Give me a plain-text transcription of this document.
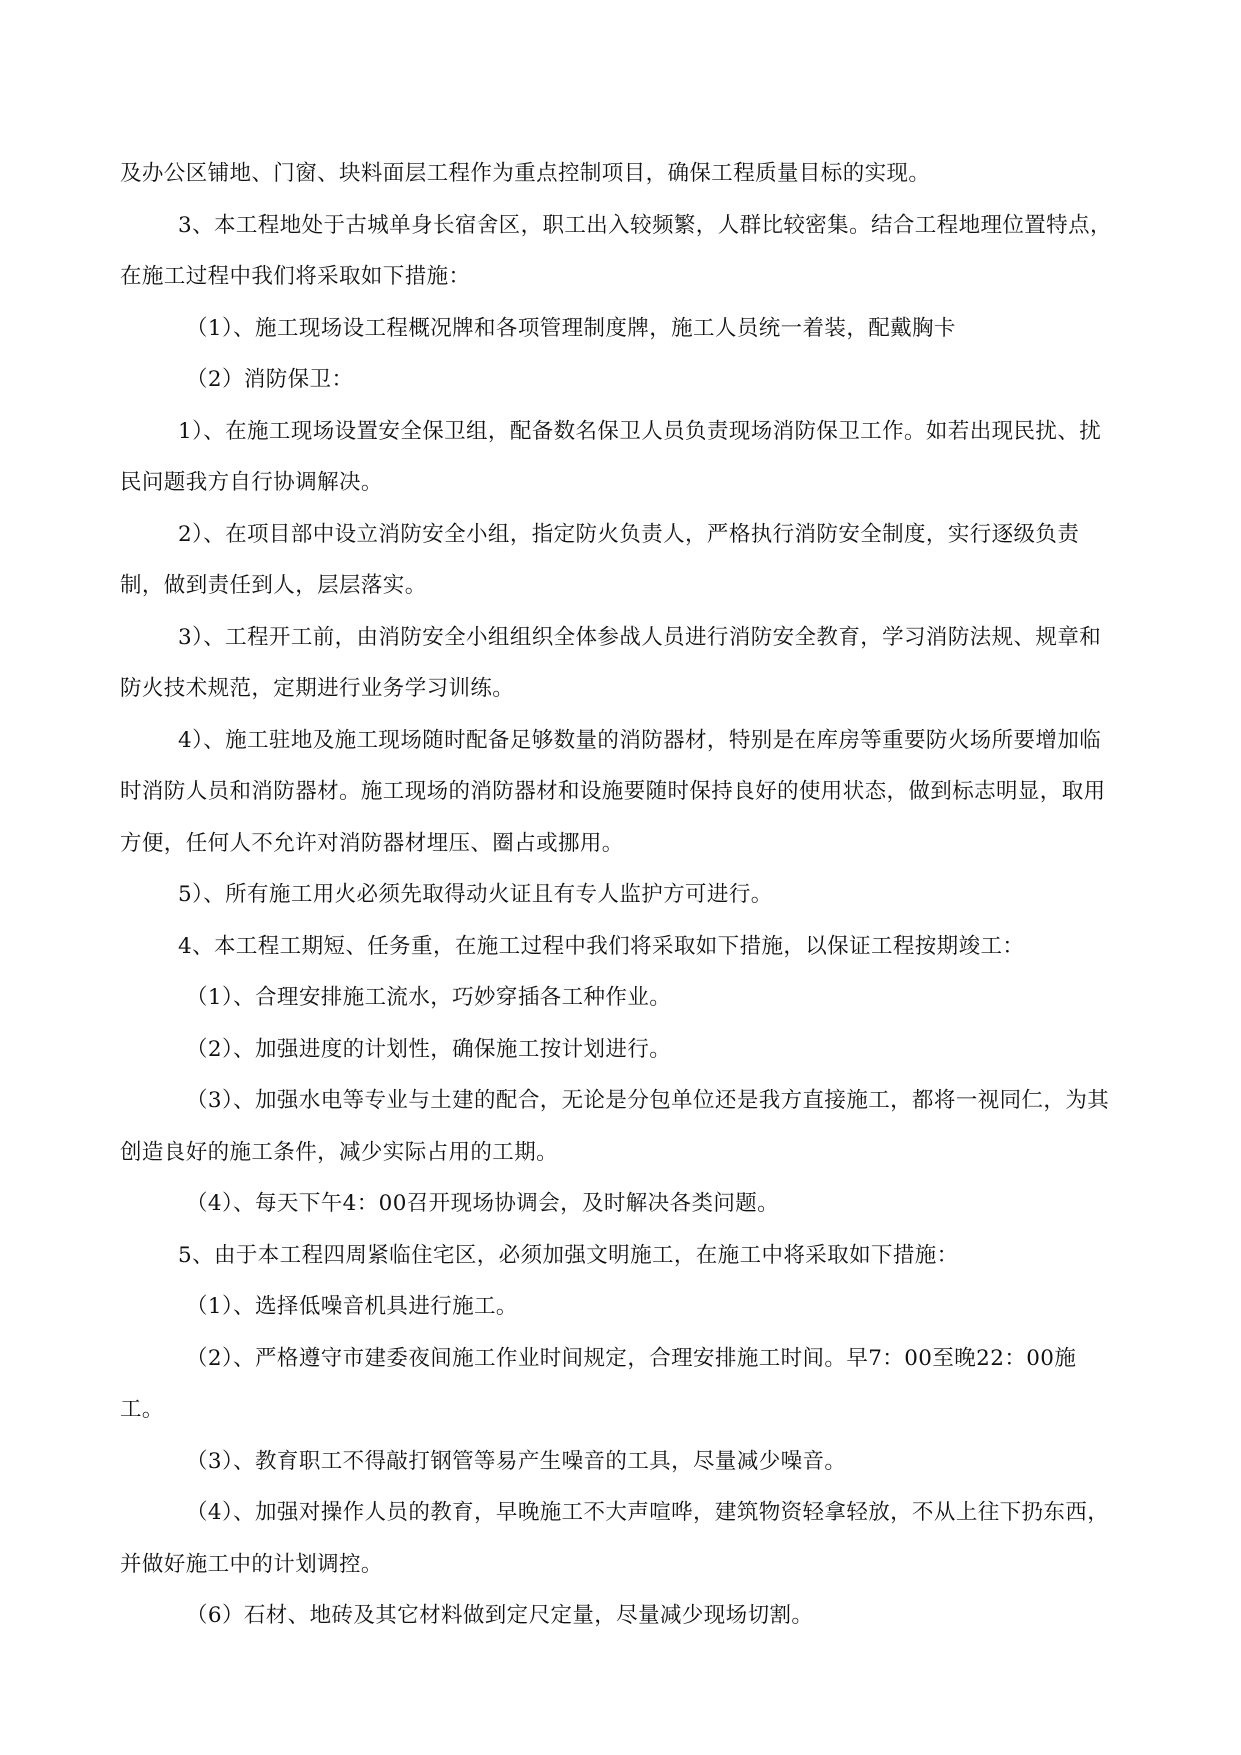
及办公区铺地、门窗、块料面层工程作为重点控制项目，确保工程质量目标的实现。

3、本工程地处于古城单身长宿舍区，职工出入较频繁，人群比较密集。结合工程地理位置特点，在施工过程中我们将采取如下措施：

（1）、施工现场设工程概况牌和各项管理制度牌，施工人员统一着装，配戴胸卡

（2）消防保卫：

1）、在施工现场设置安全保卫组，配备数名保卫人员负责现场消防保卫工作。如若出现民扰、扰民问题我方自行协调解决。

2）、在项目部中设立消防安全小组，指定防火负责人，严格执行消防安全制度，实行逐级负责制，做到责任到人，层层落实。

3）、工程开工前，由消防安全小组组织全体参战人员进行消防安全教育，学习消防法规、规章和防火技术规范，定期进行业务学习训练。

4）、施工驻地及施工现场随时配备足够数量的消防器材，特别是在库房等重要防火场所要增加临时消防人员和消防器材。施工现场的消防器材和设施要随时保持良好的使用状态，做到标志明显，取用方便，任何人不允许对消防器材埋压、圈占或挪用。

5）、所有施工用火必须先取得动火证且有专人监护方可进行。

4、本工程工期短、任务重，在施工过程中我们将采取如下措施，以保证工程按期竣工：

（1）、合理安排施工流水，巧妙穿插各工种作业。

（2）、加强进度的计划性，确保施工按计划进行。

（3）、加强水电等专业与土建的配合，无论是分包单位还是我方直接施工，都将一视同仁，为其创造良好的施工条件，减少实际占用的工期。

（4）、每天下午4：00召开现场协调会，及时解决各类问题。

5、由于本工程四周紧临住宅区，必须加强文明施工，在施工中将采取如下措施：

（1）、选择低噪音机具进行施工。

（2）、严格遵守市建委夜间施工作业时间规定，合理安排施工时间。早7：00至晚22：00施工。

（3）、教育职工不得敲打钢管等易产生噪音的工具，尽量减少噪音。

（4）、加强对操作人员的教育，早晚施工不大声喧哗，建筑物资轻拿轻放，不从上往下扔东西，并做好施工中的计划调控。

（6）石材、地砖及其它材料做到定尺定量，尽量减少现场切割。
